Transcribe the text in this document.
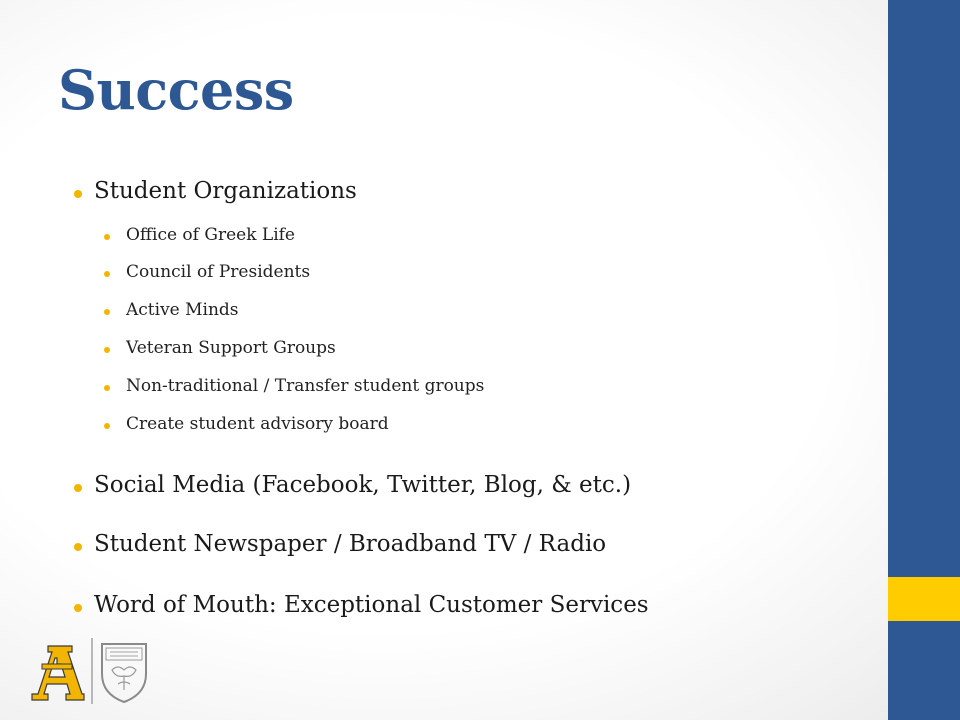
Success
Student Organizations
Office of Greek Life
Council of Presidents
Active Minds
Veteran Support Groups
Non-traditional / Transfer student groups
Create student advisory board
Social Media (Facebook, Twitter, Blog, & etc.)
Student Newspaper / Broadband TV / Radio
Word of Mouth: Exceptional Customer Services
